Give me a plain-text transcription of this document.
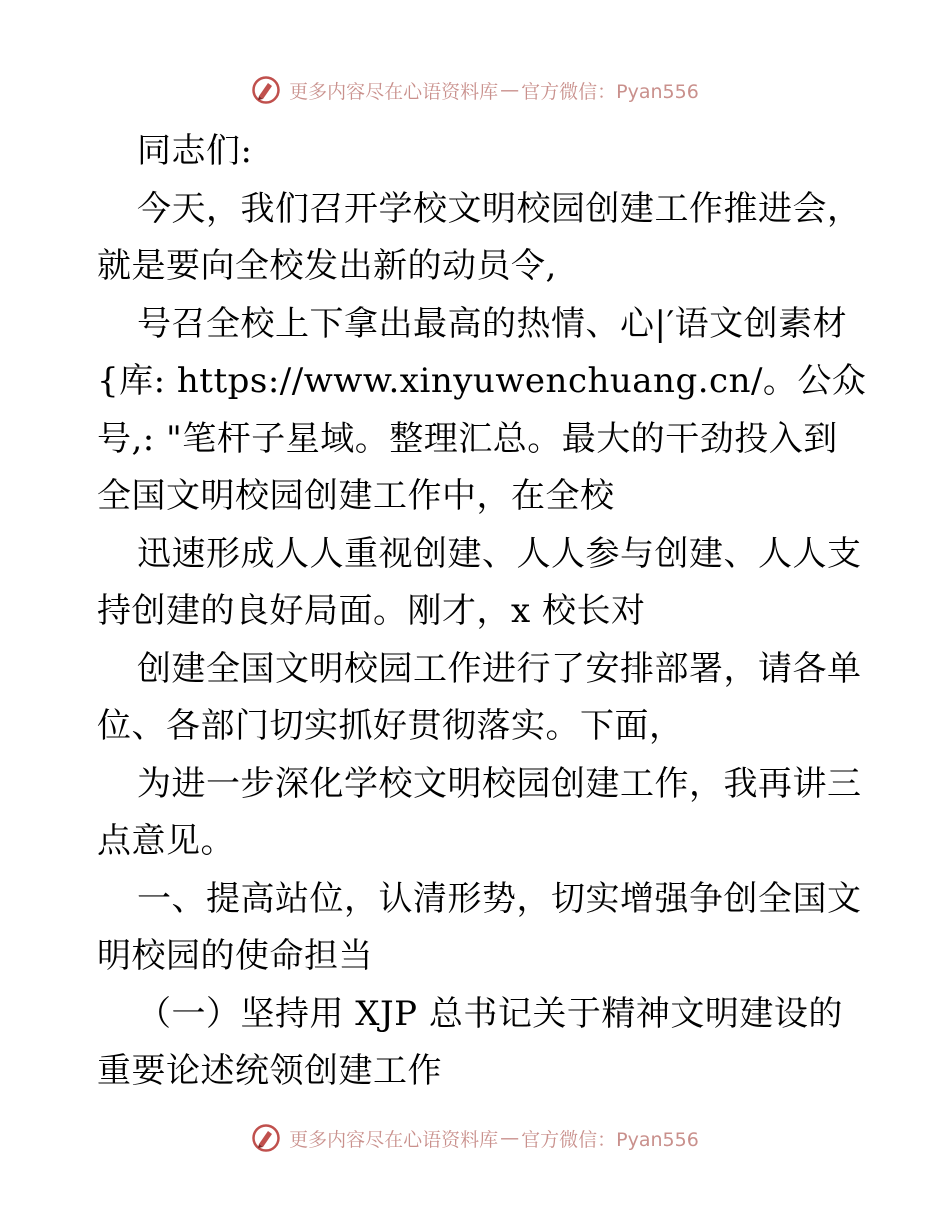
更多内容尽在心语资料库 — 官方微信：Pyan556
同志们:
今天，我们召开学校文明校园创建工作推进会，
就是要向全校发出新的动员令,
号召全校上下拿出最高的热情、心|′语文创素材
{库: https://www.xinyuwenchuang.cn/。公众
号,: "笔杆子星域。整理汇总。最大的干劲投入到
全国文明校园创建工作中，在全校
迅速形成人人重视创建、人人参与创建、人人支
持创建的良好局面。刚才，x 校长对
创建全国文明校园工作进行了安排部署，请各单
位、各部门切实抓好贯彻落实。下面，
为进一步深化学校文明校园创建工作，我再讲三
点意见。
一、提高站位，认清形势，切实增强争创全国文
明校园的使命担当
（一）坚持用 XJP 总书记关于精神文明建设的
重要论述统领创建工作
更多内容尽在心语资料库 — 官方微信：Pyan556
